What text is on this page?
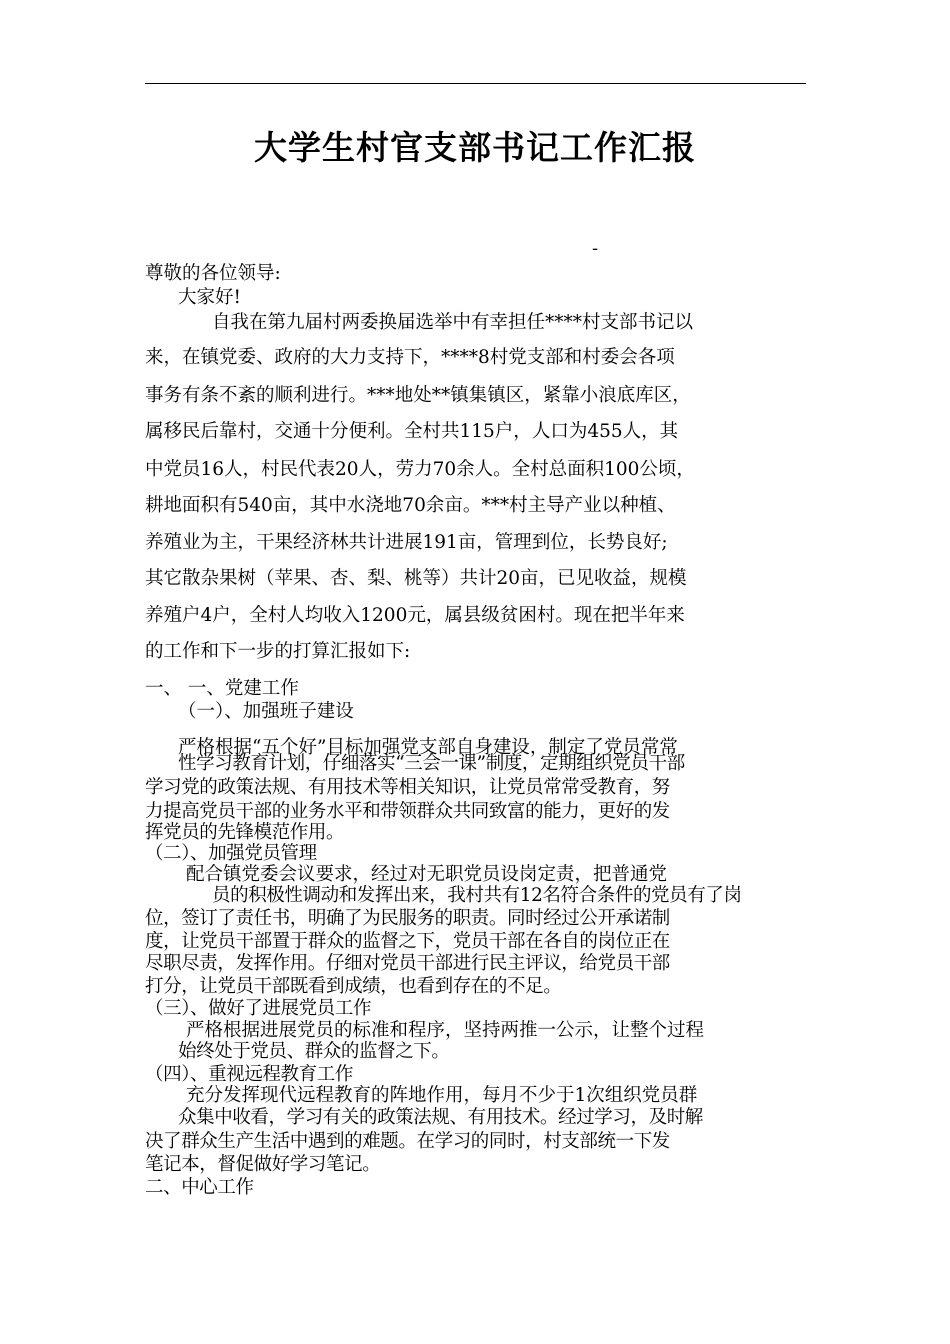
大学生村官支部书记工作汇报
-
尊敬的各位领导:
大家好!
自我在第九届村两委换届选举中有幸担任****村支部书记以
来，在镇党委、政府的大力支持下，****8村党支部和村委会各项
事务有条不紊的顺利进行。***地处**镇集镇区，紧靠小浪底库区，
属移民后靠村，交通十分便利。全村共115户，人口为455人，其
中党员16人，村民代表20人，劳力70余人。全村总面积100公顷，
耕地面积有540亩，其中水浇地70余亩。***村主导产业以种植、
养殖业为主，干果经济林共计进展191亩，管理到位，长势良好;
其它散杂果树（苹果、杏、梨、桃等）共计20亩，已见收益，规模
养殖户4户，全村人均收入1200元，属县级贫困村。现在把半年来
的工作和下一步的打算汇报如下:
一、 一、党建工作
（一）、加强班子建设
严格根据“五个好”目标加强党支部自身建设，制定了党员常常
性学习教育计划，仔细落实“三会一课”制度，定期组织党员干部
学习党的政策法规、有用技术等相关知识，让党员常常受教育，努
力提高党员干部的业务水平和带领群众共同致富的能力，更好的发
挥党员的先锋模范作用。
（二）、加强党员管理
配合镇党委会议要求，经过对无职党员设岗定责，把普通党
员的积极性调动和发挥出来，我村共有12名符合条件的党员有了岗
位，签订了责任书，明确了为民服务的职责。同时经过公开承诺制
度，让党员干部置于群众的监督之下，党员干部在各自的岗位正在
尽职尽责，发挥作用。仔细对党员干部进行民主评议，给党员干部
打分，让党员干部既看到成绩，也看到存在的不足。
（三）、做好了进展党员工作
严格根据进展党员的标准和程序，坚持两推一公示，让整个过程
始终处于党员、群众的监督之下。
（四）、重视远程教育工作
充分发挥现代远程教育的阵地作用，每月不少于1次组织党员群
众集中收看，学习有关的政策法规、有用技术。经过学习，及时解
决了群众生产生活中遇到的难题。在学习的同时，村支部统一下发
笔记本，督促做好学习笔记。
二、中心工作
